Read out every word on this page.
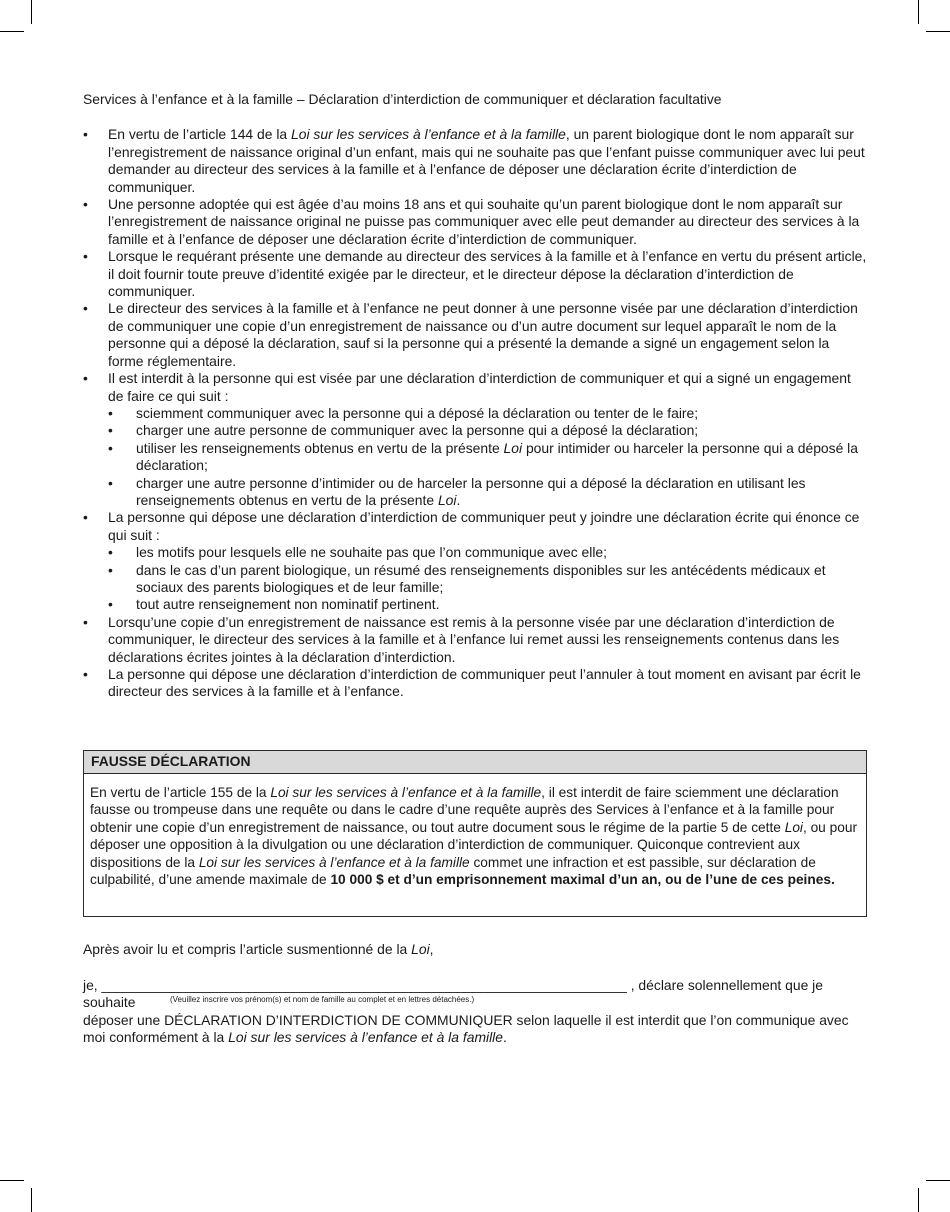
Services à l’enfance et à la famille – Déclaration d’interdiction de communiquer et déclaration facultative

• En vertu de l’article 144 de la Loi sur les services à l’enfance et à la famille, un parent biologique dont le nom apparaît sur l’enregistrement de naissance original d’un enfant, mais qui ne souhaite pas que l’enfant puisse communiquer avec lui peut demander au directeur des services à la famille et à l’enfance de déposer une déclaration écrite d’interdiction de communiquer.
• Une personne adoptée qui est âgée d’au moins 18 ans et qui souhaite qu’un parent biologique dont le nom apparaît sur l’enregistrement de naissance original ne puisse pas communiquer avec elle peut demander au directeur des services à la famille et à l’enfance de déposer une déclaration écrite d’interdiction de communiquer.
• Lorsque le requérant présente une demande au directeur des services à la famille et à l’enfance en vertu du présent article, il doit fournir toute preuve d’identité exigée par le directeur, et le directeur dépose la déclaration d’interdiction de communiquer.
• Le directeur des services à la famille et à l’enfance ne peut donner à une personne visée par une déclaration d’interdiction de communiquer une copie d’un enregistrement de naissance ou d’un autre document sur lequel apparaît le nom de la personne qui a déposé la déclaration, sauf si la personne qui a présenté la demande a signé un engagement selon la forme réglementaire.
• Il est interdit à la personne qui est visée par une déclaration d’interdiction de communiquer et qui a signé un engagement de faire ce qui suit :
• sciemment communiquer avec la personne qui a déposé la déclaration ou tenter de le faire;
• charger une autre personne de communiquer avec la personne qui a déposé la déclaration;
• utiliser les renseignements obtenus en vertu de la présente Loi pour intimider ou harceler la personne qui a déposé la déclaration;
• charger une autre personne d’intimider ou de harceler la personne qui a déposé la déclaration en utilisant les renseignements obtenus en vertu de la présente Loi.
• La personne qui dépose une déclaration d’interdiction de communiquer peut y joindre une déclaration écrite qui énonce ce qui suit :
• les motifs pour lesquels elle ne souhaite pas que l’on communique avec elle;
• dans le cas d’un parent biologique, un résumé des renseignements disponibles sur les antécédents médicaux et sociaux des parents biologiques et de leur famille;
• tout autre renseignement non nominatif pertinent.
• Lorsqu’une copie d’un enregistrement de naissance est remis à la personne visée par une déclaration d’interdiction de communiquer, le directeur des services à la famille et à l’enfance lui remet aussi les renseignements contenus dans les déclarations écrites jointes à la déclaration d’interdiction.
• La personne qui dépose une déclaration d’interdiction de communiquer peut l’annuler à tout moment en avisant par écrit le directeur des services à la famille et à l’enfance.
FAUSSE DÉCLARATION
En vertu de l’article 155 de la Loi sur les services à l’enfance et à la famille, il est interdit de faire sciemment une déclaration fausse ou trompeuse dans une requête ou dans le cadre d’une requête auprès des Services à l’enfance et à la famille pour obtenir une copie d’un enregistrement de naissance, ou tout autre document sous le régime de la partie 5 de cette Loi, ou pour déposer une opposition à la divulgation ou une déclaration d’interdiction de communiquer. Quiconque contrevient aux dispositions de la Loi sur les services à l’enfance et à la famille commet une infraction et est passible, sur déclaration de culpabilité, d’une amende maximale de 10 000 $ et d’un emprisonnement maximal d’un an, ou de l’une de ces peines.
Après avoir lu et compris l’article susmentionné de la Loi,
je, ____________________________________________________________________ , déclare solennellement que je souhaite	(Veuillez inscrire vos prénom(s) et nom de famille au complet et en lettres détachées.)
déposer une DÉCLARATION D’INTERDICTION DE COMMUNIQUER selon laquelle il est interdit que l’on communique avec moi conformément à la Loi sur les services à l’enfance et à la famille.
